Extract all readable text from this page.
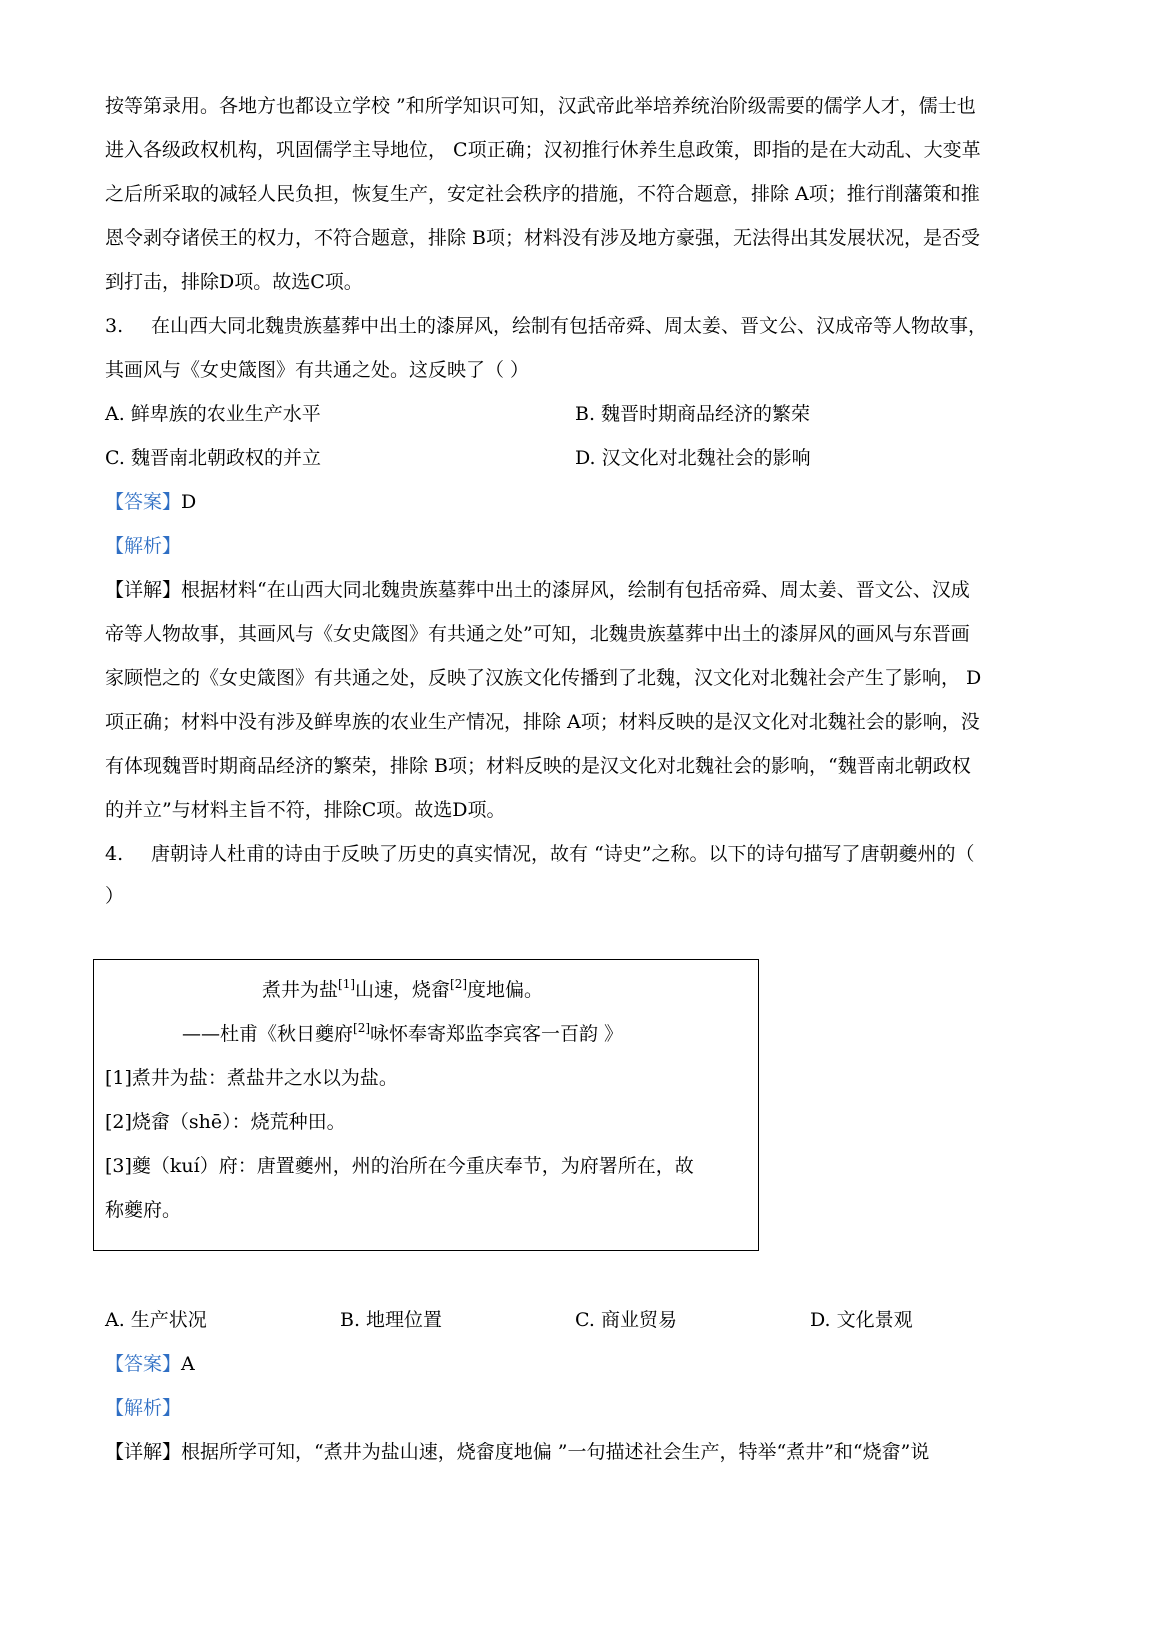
按等第录用。各地方也都设立学校 ”和所学知识可知，汉武帝此举培养统治阶级需要的儒学人才，儒士也
进入各级政权机构，巩固儒学主导地位， C项正确；汉初推行休养生息政策，即指的是在大动乱、大变革
之后所采取的减轻人民负担，恢复生产，安定社会秩序的措施，不符合题意，排除 A项；推行削藩策和推
恩令剥夺诸侯王的权力，不符合题意，排除 B项；材料没有涉及地方豪强，无法得出其发展状况，是否受
到打击，排除D项。故选C项。
3. 在山西大同北魏贵族墓葬中出土的漆屏风，绘制有包括帝舜、周太姜、晋文公、汉成帝等人物故事，
其画风与《女史箴图》有共通之处。这反映了（ ）
A. 鲜卑族的农业生产水平	B. 魏晋时期商品经济的繁荣
C. 魏晋南北朝政权的并立	D. 汉文化对北魏社会的影响
【答案】D
【解析】
【详解】根据材料“在山西大同北魏贵族墓葬中出土的漆屏风，绘制有包括帝舜、周太姜、晋文公、汉成
帝等人物故事，其画风与《女史箴图》有共通之处”可知，北魏贵族墓葬中出土的漆屏风的画风与东晋画
家顾恺之的《女史箴图》有共通之处，反映了汉族文化传播到了北魏，汉文化对北魏社会产生了影响， D
项正确；材料中没有涉及鲜卑族的农业生产情况，排除 A项；材料反映的是汉文化对北魏社会的影响，没
有体现魏晋时期商品经济的繁荣，排除 B项；材料反映的是汉文化对北魏社会的影响，“魏晋南北朝政权
的并立”与材料主旨不符，排除C项。故选D项。
4. 唐朝诗人杜甫的诗由于反映了历史的真实情况，故有 “诗史”之称。以下的诗句描写了唐朝夔州的（
）
煮井为盐[1]山速，烧畲[2]度地偏。
——杜甫《秋日夔府[2]咏怀奉寄郑监李宾客一百韵 》
[1]煮井为盐：煮盐井之水以为盐。
[2]烧畲（shē）：烧荒种田。
[3]夔（kuí）府：唐置夔州，州的治所在今重庆奉节，为府署所在，故
称夔府。
A. 生产状况	B. 地理位置	C. 商业贸易	D. 文化景观
【答案】A
【解析】
【详解】根据所学可知，“煮井为盐山速，烧畲度地偏 ”一句描述社会生产，特举“煮井”和“烧畲”说
